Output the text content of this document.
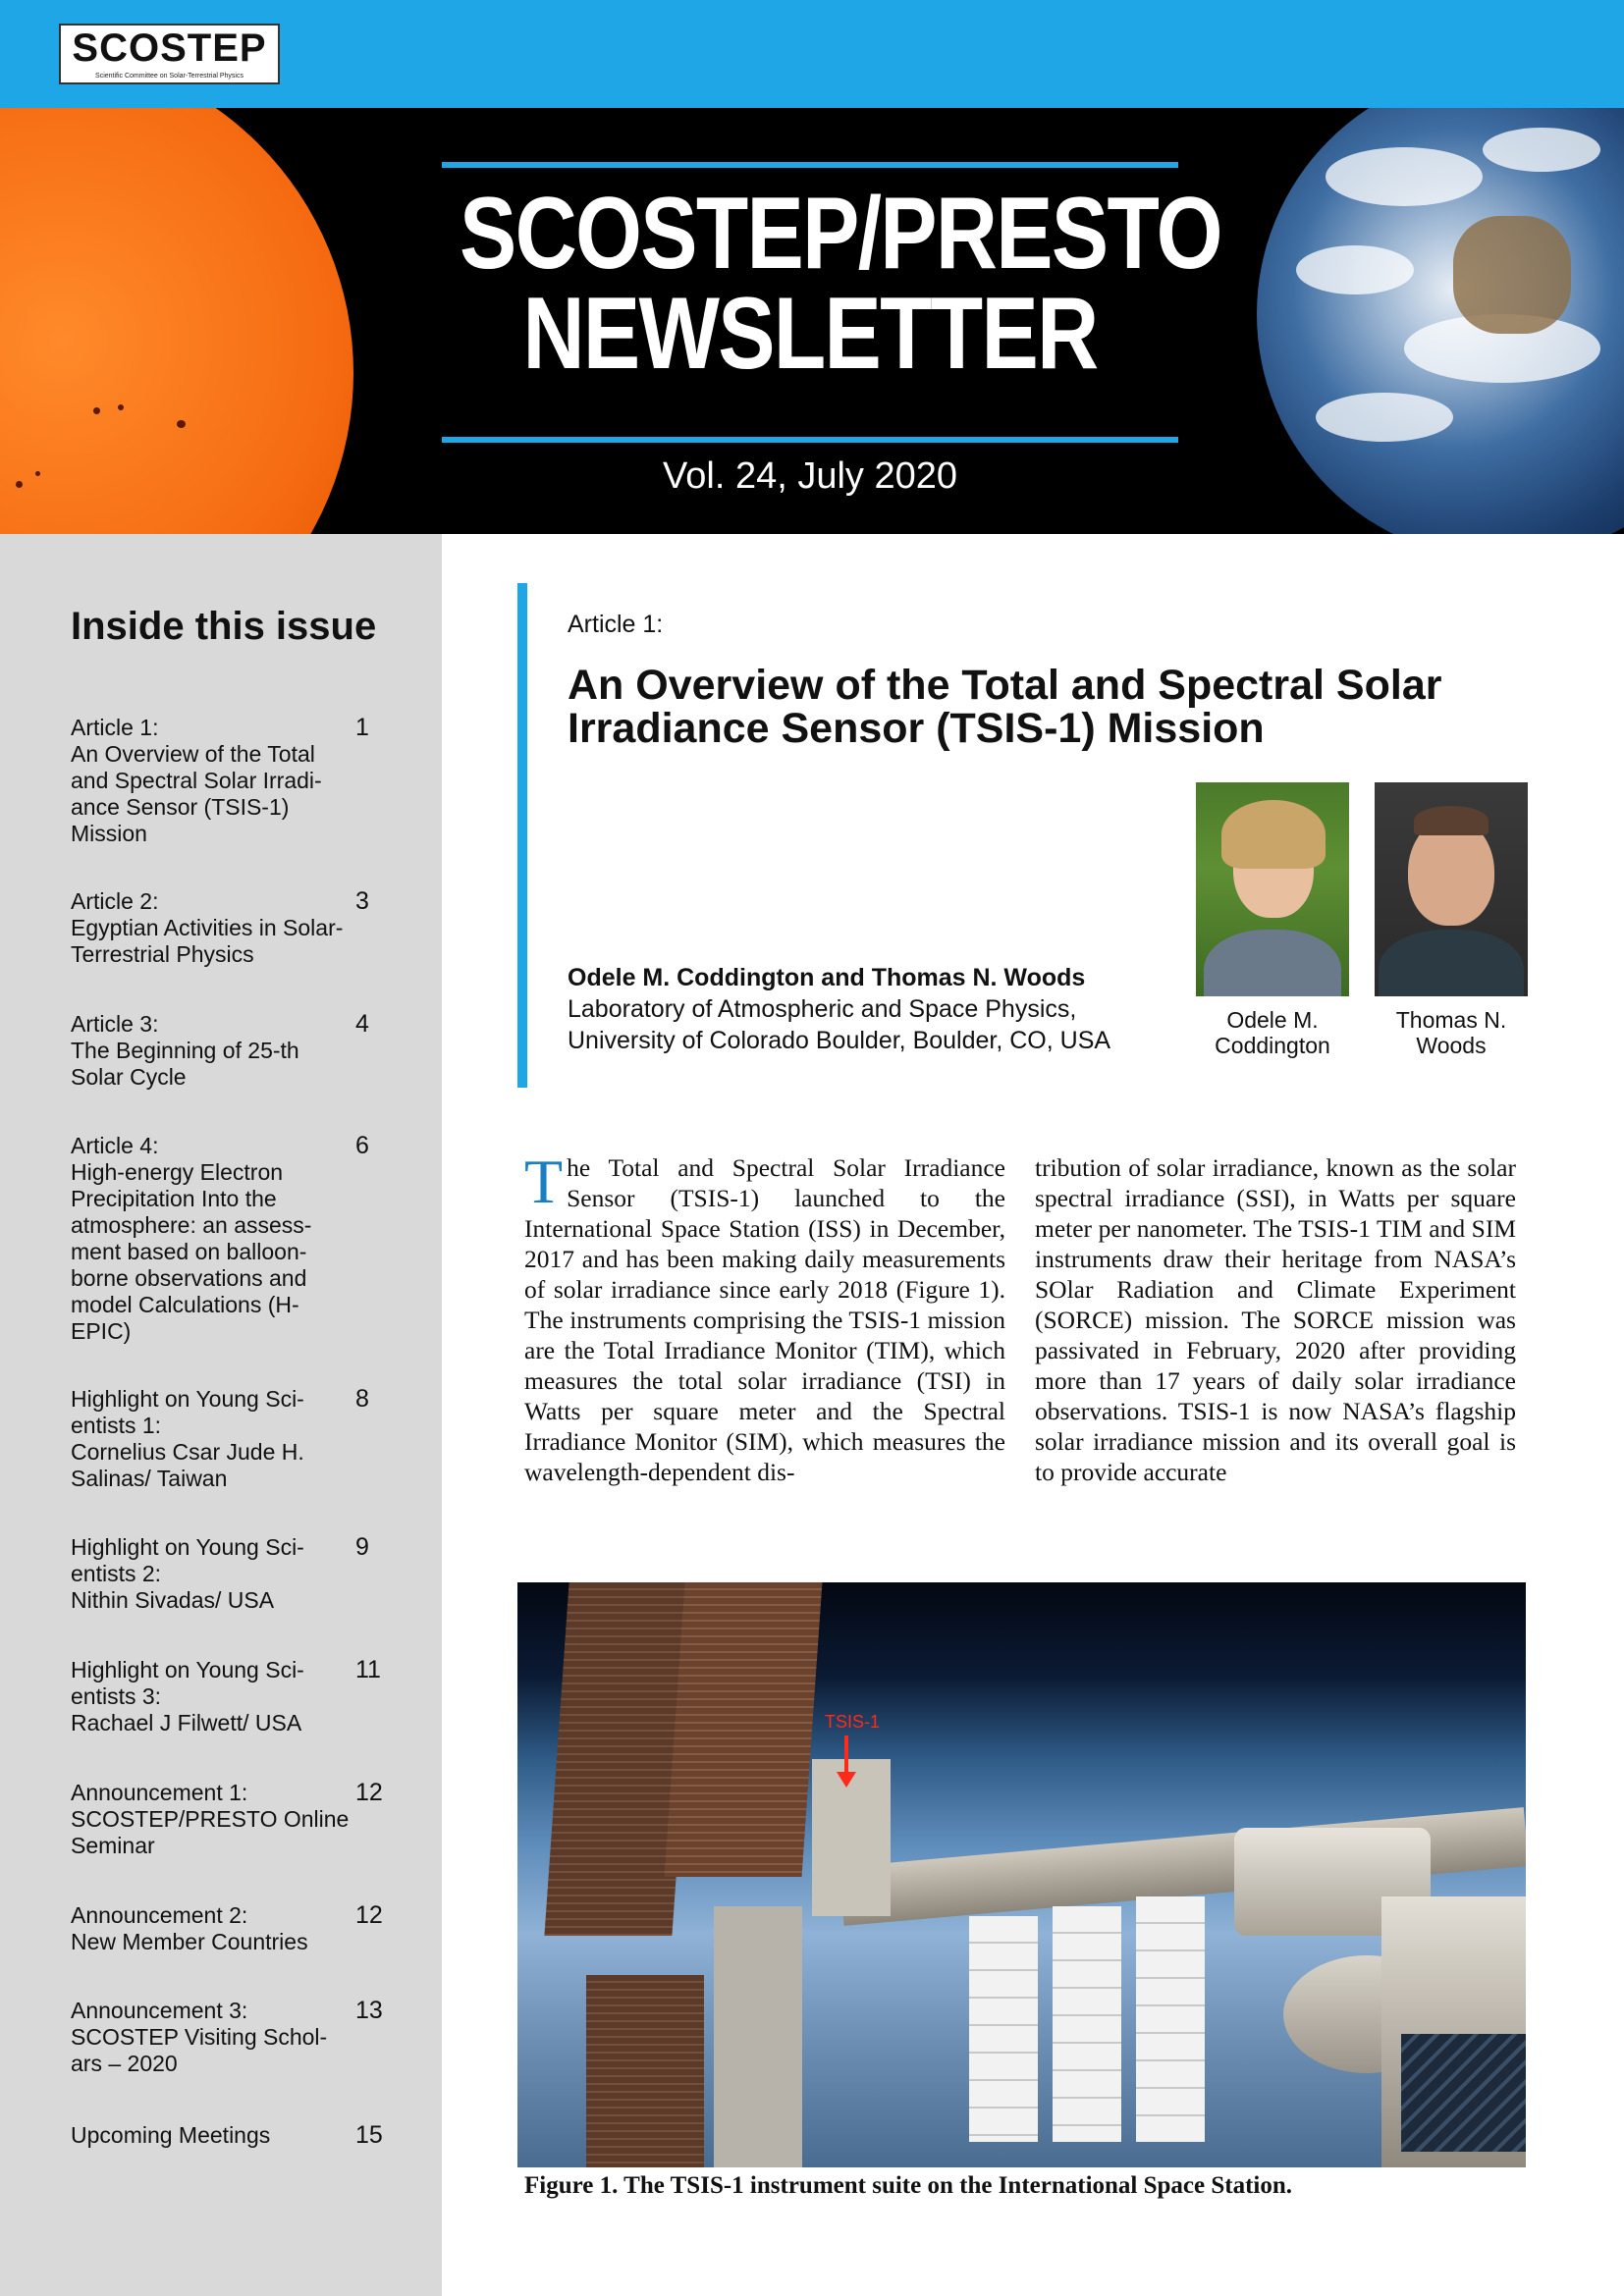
SCOSTEP
Scientific Committee on Solar-Terrestrial Physics
SCOSTEP/PRESTO
NEWSLETTER
Vol. 24, July 2020
Inside this issue
Article 1:
An Overview of the Total and Spectral Solar Irradi-ance Sensor (TSIS-1) Mission
1
Article 2:
Egyptian Activities in Solar- Terrestrial Physics
3
Article 3:
The Beginning of 25-th Solar Cycle
4
Article 4:
High-energy Electron Precipitation Into the atmosphere: an assess-ment based on balloon-borne observations and model Calculations (H-EPIC)
6
Highlight on Young Sci-entists 1:
Cornelius Csar Jude H. Salinas/ Taiwan
8
Highlight on Young Sci-entists 2:
Nithin Sivadas/ USA
9
Highlight on Young Sci-entists 3:
Rachael J Filwett/ USA
11
Announcement 1:
SCOSTEP/PRESTO Online Seminar
12
Announcement 2:
New Member Countries
12
Announcement 3:
SCOSTEP Visiting Schol-ars – 2020
13
Upcoming Meetings	15
Article 1:
An Overview of the Total and Spectral Solar Irradiance Sensor (TSIS-1) Mission
Odele M. Coddington and Thomas N. Woods
Laboratory of Atmospheric and Space Physics,
University of Colorado Boulder, Boulder, CO, USA
Odele M.
Coddington
Thomas N.
Woods
The Total and Spectral Solar Irradiance Sensor (TSIS-1) launched to the International Space Station (ISS) in December, 2017 and has been making daily measurements of solar irradiance since early 2018 (Figure 1). The instruments comprising the TSIS-1 mission are the Total Irradiance Monitor (TIM), which measures the total solar irradiance (TSI) in Watts per square meter and the Spectral Irradiance Monitor (SIM), which measures the wavelength-dependent dis-
tribution of solar irradiance, known as the solar spectral irradiance (SSI), in Watts per square meter per nanometer. The TSIS-1 TIM and SIM instruments draw their heritage from NASA’s SOlar Radiation and Climate Experiment (SORCE) mission. The SORCE mission was passivated in February, 2020 after providing more than 17 years of daily solar irradiance observations. TSIS-1 is now NASA’s flagship solar irradiance mission and its overall goal is to provide accurate
TSIS-1
Figure 1. The TSIS-1 instrument suite on the International Space Station.
